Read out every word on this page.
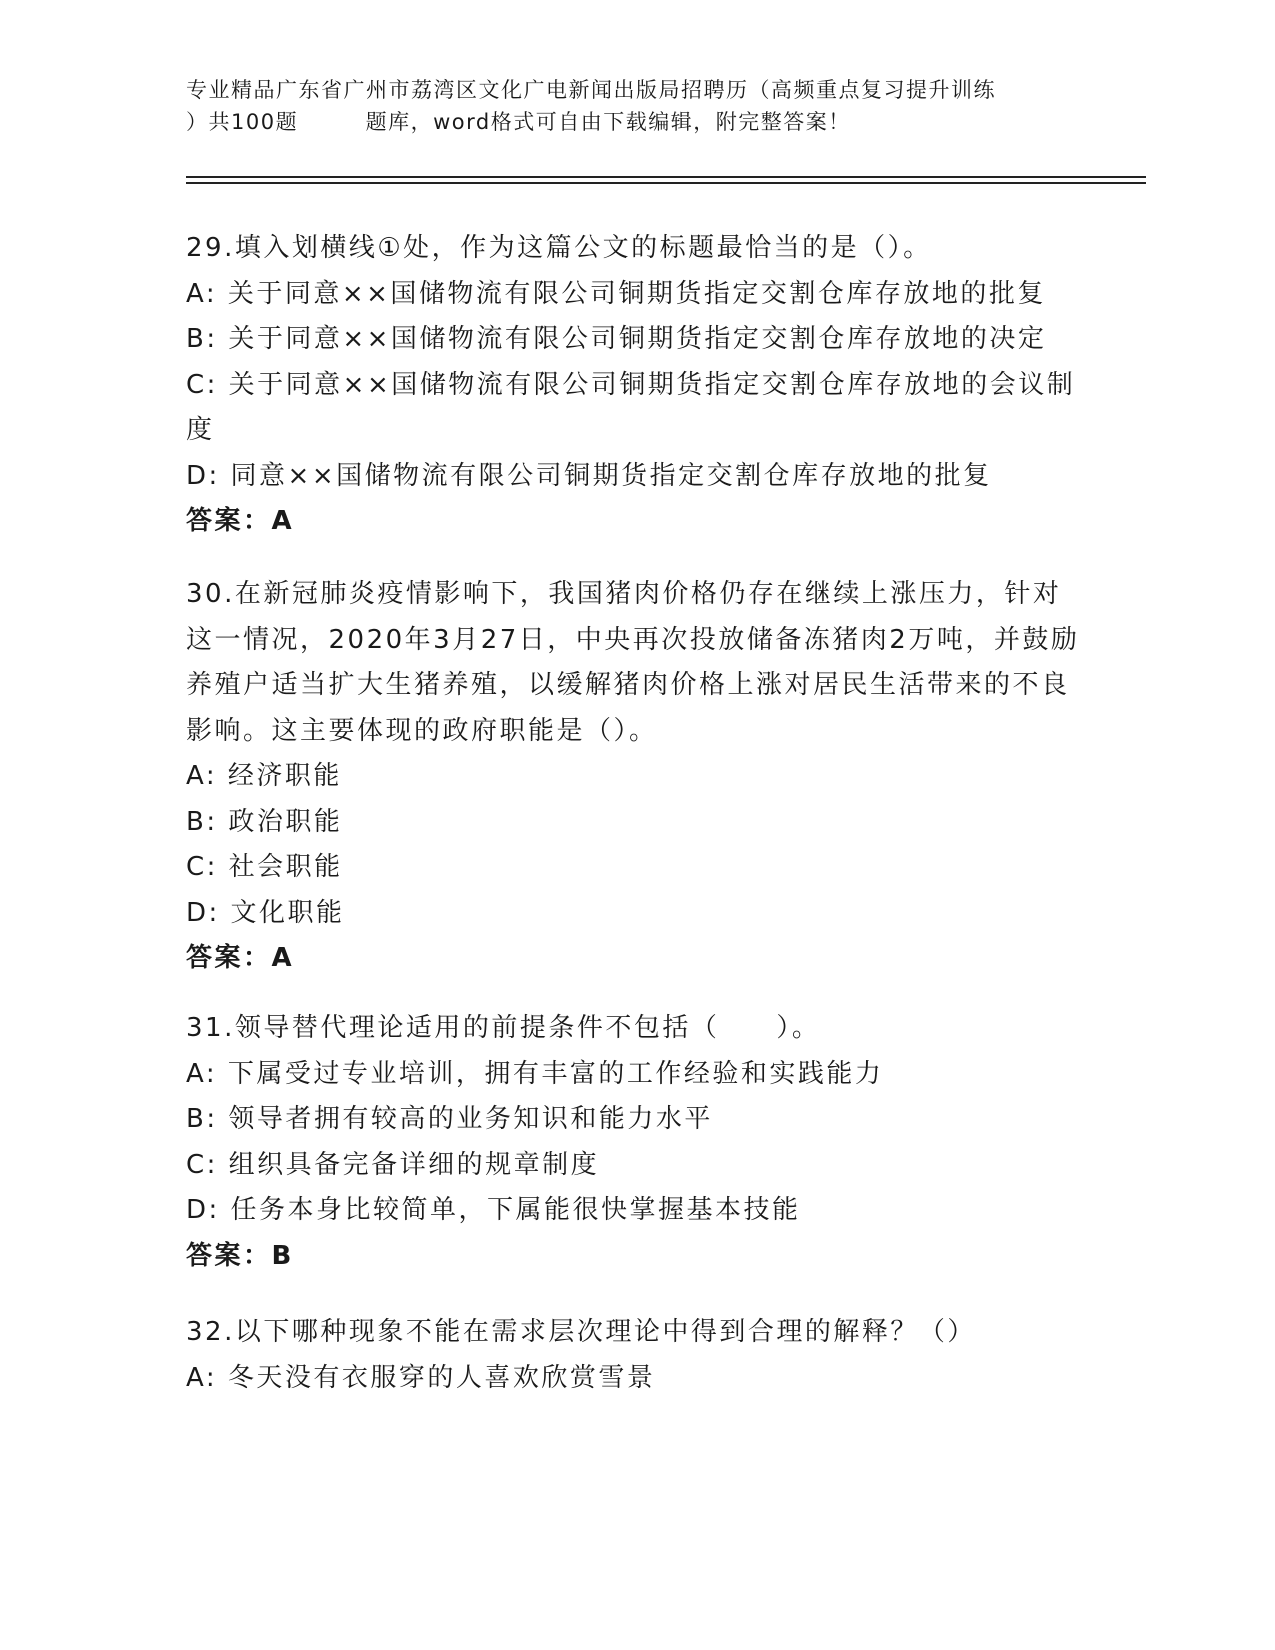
专业精品广东省广州市荔湾区文化广电新闻出版局招聘历（高频重点复习提升训练
）共100题　　　题库，word格式可自由下载编辑，附完整答案！

29.填入划横线①处，作为这篇公文的标题最恰当的是（）。

A: 关于同意××国储物流有限公司铜期货指定交割仓库存放地的批复

B: 关于同意××国储物流有限公司铜期货指定交割仓库存放地的决定

C: 关于同意××国储物流有限公司铜期货指定交割仓库存放地的会议制度

D: 同意××国储物流有限公司铜期货指定交割仓库存放地的批复

答案：A

30.在新冠肺炎疫情影响下，我国猪肉价格仍存在继续上涨压力，针对这一情况，2020年3月27日，中央再次投放储备冻猪肉2万吨，并鼓励养殖户适当扩大生猪养殖，以缓解猪肉价格上涨对居民生活带来的不良影响。这主要体现的政府职能是（）。

A: 经济职能

B: 政治职能

C: 社会职能

D: 文化职能

答案：A

31.领导替代理论适用的前提条件不包括（　　）。

A: 下属受过专业培训，拥有丰富的工作经验和实践能力

B: 领导者拥有较高的业务知识和能力水平

C: 组织具备完备详细的规章制度

D: 任务本身比较简单，下属能很快掌握基本技能

答案：B

32.以下哪种现象不能在需求层次理论中得到合理的解释？（）

A: 冬天没有衣服穿的人喜欢欣赏雪景
